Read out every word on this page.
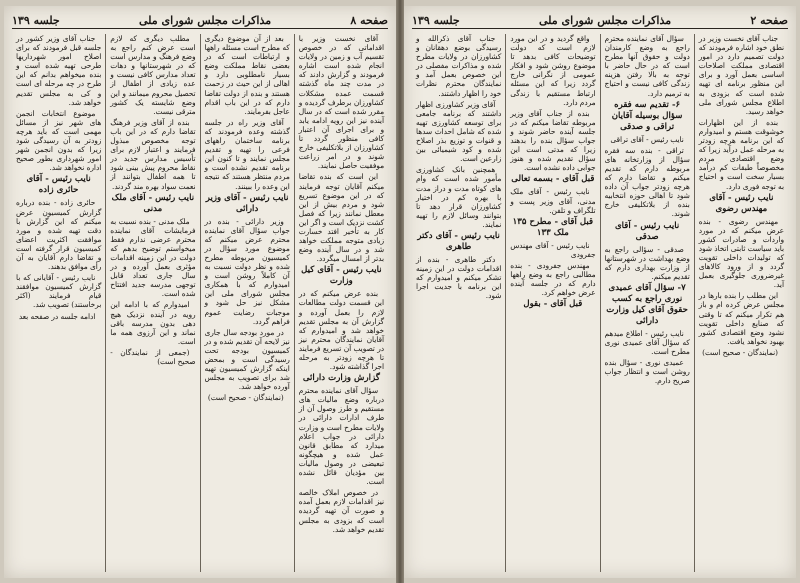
صفحه ۸
مذاکرات مجلس شورای ملی
جلسه ۱۳۹

آقای نخست وزیر با اقداماتی که در خصوص تقسیم آب و زمین در ولایات انجام شده است اشاره فرمودند و گزارش دادند که در مدت چند ماه گذشته قسمت عمده مشکلات کشاورزان برطرف گردیده و مقرر شده است که در سال آینده نیز این رویه ادامه یابد و برای اجرای آن اعتبار کافی منظور گردد تا کشاورزان از بلاتکلیفی خارج شوند و در امر زراعت موفقیت حاصل نمایند.

این است که بنده تقاضا میکنم آقایان توجه فرمایند که در این موضوع تسریع شود و مردم بیش از این معطل نمانند زیرا که فصل کشت نزدیک است و اگر این کار به تأخیر افتد خسارت زیادی متوجه مملکت خواهد شد و در سال آینده وضع بدتر از امسال میگردد.

نایب رئیس - آقای کیل وزارت

بنده عرض میکنم که در این قسمت دولت مطالعات لازم را بعمل آورده و گزارش آن به مجلس تقدیم خواهد شد و امیدوارم که آقایان نمایندگان محترم نیز در تصویب آن تسریع فرمایند تا هرچه زودتر به مرحله اجرا گذاشته شود.

گزارش وزارت دارائی

سؤال آقای نماینده محترم درباره وضع مالیات های مستقیم و طرز وصول آن از طرف ادارات دارائی در ولایات مطرح است و وزارت دارائی در جواب اعلام میدارد که مطابق قانون عمل شده و هیچگونه تبعیضی در وصول مالیات بین مؤدیان قائل نشده است.

در خصوص املاک خالصه نیز اقدامات لازم بعمل آمده و صورت آن تهیه گردیده است که بزودی به مجلس تقدیم خواهد شد.

بعد از آن موضوع دیگری که مطرح است مسئله راهها و ارتباطات است که در بعضی نقاط مملکت وضع بسیار نامطلوبی دارد و اهالی از این حیث در زحمت هستند و بنده از دولت تقاضا دارم که در این باب اقدام عاجل بفرمایند.

آقای وزیر راه در جلسه گذشته وعده فرمودند که برنامه ساختمان راههای فرعی را تهیه و تقدیم مجلس نمایند و تا کنون این برنامه تقدیم نشده است و مردم منتظر هستند که نتیجه این وعده را ببینند.

نایب رئیس - آقای وزیر دارائی

وزیر دارائی - بنده در جواب سؤال آقای نماینده محترم عرض میکنم که موضوع مورد سؤال در کمیسیون مربوطه مطرح شده و نظر دولت نسبت به آن کاملاً روشن است و امیدوارم که با همکاری مجلس شورای ملی این مشکل نیز حل شود و موجبات رضایت عموم فراهم گردد.

در مورد بودجه سال جاری نیز لایحه آن تقدیم شده و در کمیسیون بودجه تحت رسیدگی است و بمحض اینکه گزارش کمیسیون تهیه شد برای تصویب به مجلس آورده خواهد شد.

(نمایندگان - صحیح است)

مطلب دیگری که لازم است عرض کنم راجع به وضع فرهنگ و مدارس است که در شهرستانها و دهات تعداد مدارس کافی نیست و عده زیادی از اطفال از تحصیل محروم میمانند و این وضع شایسته یک کشور مترقی نیست.

بنده از آقای وزیر فرهنگ تقاضا دارم که در این باب توجه مخصوص مبذول فرمایند و اعتبار لازم برای تأسیس مدارس جدید در نقاط محروم پیش بینی شود تا همه اطفال بتوانند از نعمت سواد بهره مند گردند.

نایب رئیس - آقای ملک مدنی

ملک مدنی - بنده نسبت به فرمایشات آقای نماینده محترم عرضی ندارم فقط میخواستم توضیح بدهم که دولت در این زمینه اقدامات مؤثری بعمل آورده و در سال جاری تعداد قابل توجهی مدرسه جدید افتتاح شده است.

امیدوارم که با ادامه این رویه در آینده نزدیک هیچ دهی بدون مدرسه باقی نماند و این آرزوی همه ما است.

(جمعی از نمایندگان - صحیح است)

جناب آقای وزیر کشور در جلسه قبل فرمودند که برای اصلاح امور شهرداریها طرحی تهیه شده است و بنده میخواهم بدانم که این طرح در چه مرحله ای است و کی به مجلس تقدیم خواهد شد.

موضوع انتخابات انجمن های شهر نیز از مسائل مهمی است که باید هرچه زودتر به آن رسیدگی شود زیرا که بدون انجمن شهر امور شهرداری بطور صحیح اداره نخواهد شد.

نایب رئیس - آقای حائری زاده

حائری زاده - بنده درباره گزارش کمیسیون عرض میکنم که این گزارش با دقت تهیه شده و مورد موافقت اکثریت اعضای کمیسیون قرار گرفته است و تقاضا دارم آقایان به آن رأی موافق بدهند.

نایب رئیس - آقایانی که با گزارش کمیسیون موافقند قیام فرمایند (اکثر برخاستند) تصویب شد.

ادامه جلسه در صفحه بعد

صفحه ۲
مذاکرات مجلس شورای ملی
جلسه ۱۳۹

جناب آقای نخست وزیر در نطق خود اشاره فرمودند که دولت تصمیم دارد در امور اقتصادی مملکت اصلاحات اساسی بعمل آورد و برای این منظور برنامه ای تهیه شده است که بزودی به اطلاع مجلس شورای ملی خواهد رسید.

بنده از این اظهارات خوشوقت هستم و امیدوارم که این برنامه هرچه زودتر به مرحله عمل درآید زیرا که وضع اقتصادی مردم مخصوصاً طبقات کم درآمد بسیار سخت است و احتیاج به توجه فوری دارد.

نایب رئیس - آقای مهندس رضوی

مهندس رضوی - بنده عرض میکنم که در مورد واردات و صادرات کشور باید سیاست ثابتی اتخاذ شود که تولیدات داخلی تقویت گردد و از ورود کالاهای غیرضروری جلوگیری بعمل آید.

این مطلب را بنده بارها در مجلس عرض کرده ام و باز هم تکرار میکنم که تا وقتی که صنایع داخلی تقویت نشود وضع اقتصادی کشور بهبود نخواهد یافت.

(نمایندگان - صحیح است)

سؤال آقای نماینده محترم راجع به وضع کارمندان دولت و حقوق آنها مطرح است که در حال حاضر با توجه به بالا رفتن هزینه زندگی کافی نیست و احتیاج به ترمیم دارد.

۶- تقدیم سه فقره سؤال بوسیله آقایان تراقی و صدقی

نایب رئیس - آقای تراقی

تراقی - بنده سه فقره سؤال از وزارتخانه های مربوطه دارم که تقدیم میکنم و تقاضا دارم که هرچه زودتر جواب آن داده شود تا اهالی حوزه انتخابیه بنده از بلاتکلیفی خارج شوند.

نایب رئیس - آقای صدقی

صدقی - سؤالی راجع به وضع بهداشت در شهرستانها از وزارت بهداری دارم که تقدیم میکنم.

۷- سؤال آقای عمیدی نوری راجع به کسب حقوق آقای کیل وزارت دارائی

نایب رئیس - اطلاع میدهم که سؤال آقای عمیدی نوری مطرح است.

عمیدی نوری - سؤال بنده روشن است و انتظار جواب صریح دارم.

واقع گردید و در این مورد لازم است که دولت توضیحات کافی بدهد تا موضوع روشن شود و افکار عمومی از نگرانی خارج گردد زیرا که این مسئله ارتباط مستقیم با زندگی مردم دارد.

بنده از جناب آقای وزیر مربوطه تقاضا میکنم که در جلسه آینده حاضر شوند و جواب سؤال بنده را بدهند زیرا که مدتی است این سؤال تقدیم شده و هنوز جوابی داده نشده است.

قبل آقای - بسمه تعالی

نایب رئیس - آقای ملک مدنی، آقای وزیر پست و تلگراف و تلفن.

قبل آقای - مطرح ۱۳۵ ملک ۱۳۳

نایب رئیس - آقای مهندس جفرودی

مهندس جفرودی - بنده مطالبی راجع به وضع راهها دارم که در جلسه آینده عرض خواهم کرد.

قبل آقای - بقول

جناب آقای ذکرالله و رسیدگی بوضع دهقانان و کشاورزان در ولایات مطرح شده و مذاکرات مفصلی در این خصوص بعمل آمد و نمایندگان محترم نظرات خود را اظهار داشتند.

آقای وزیر کشاورزی اظهار داشتند که برنامه جامعی برای توسعه کشاورزی تهیه شده که شامل احداث سدها و قنوات و توزیع بذر اصلاح شده و کود شیمیائی بین زارعین است.

همچنین بانک کشاورزی مأمور شده است که وام های کوتاه مدت و دراز مدت با بهره کم در اختیار کشاورزان قرار دهد تا بتوانند وسائل لازم را تهیه نمایند.

نایب رئیس - آقای دکتر طاهری

دکتر طاهری - بنده از اقدامات دولت در این زمینه تشکر میکنم و امیدوارم که این برنامه با جدیت اجرا شود.
